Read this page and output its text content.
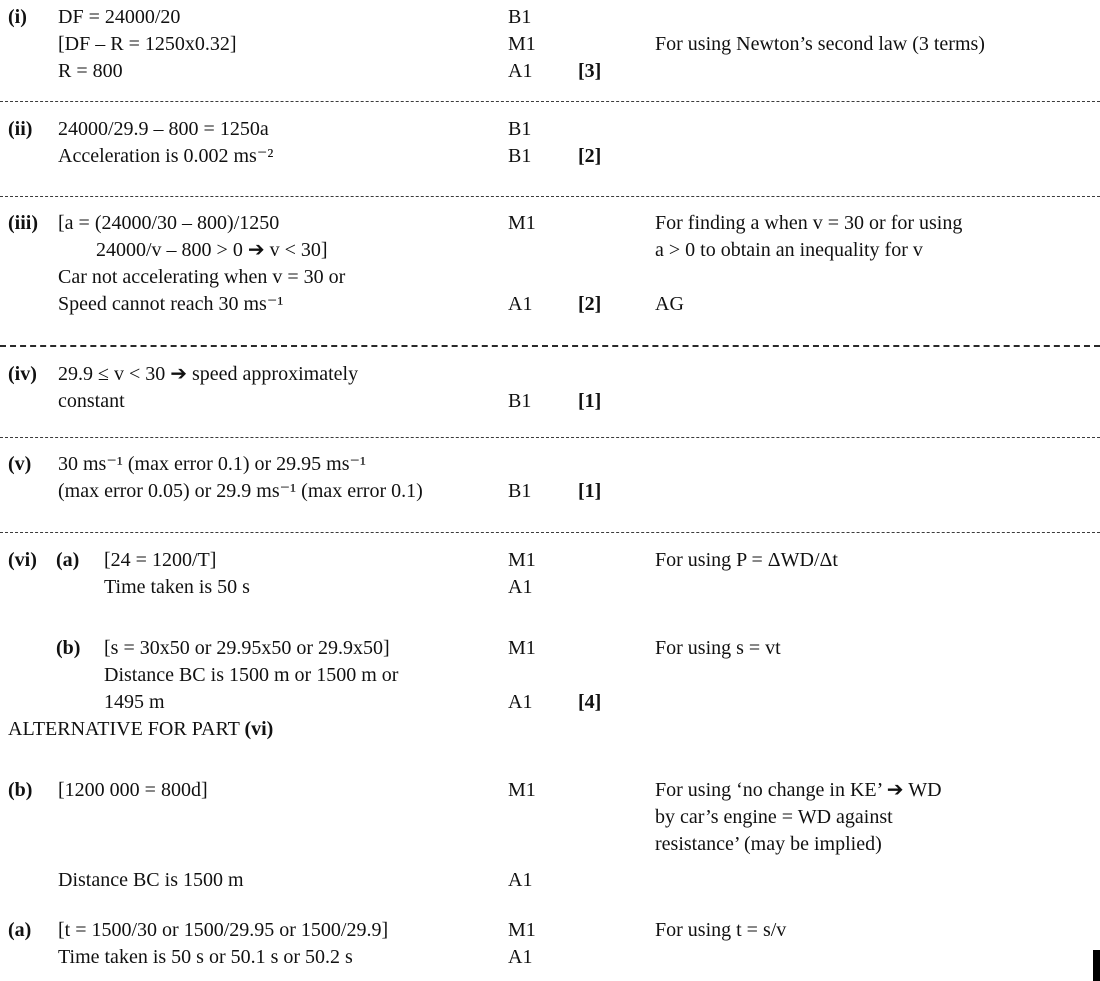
(i) DF = 24000/20	B1
[DF – R = 1250x0.32]	M1	For using Newton’s second law (3 terms)
R = 800	A1	[3]
(ii) 24000/29.9 – 800 = 1250a	B1
Acceleration is 0.002 ms⁻²	B1	[2]
(iii) [a = (24000/30 – 800)/1250	M1	For finding a when v = 30 or for using
24000/v – 800 > 0 ➔ v < 30]	a > 0 to obtain an inequality for v
Car not accelerating when v = 30 or
Speed cannot reach 30 ms⁻¹	A1	[2]	AG
(iv) 29.9 ≤ v < 30 ➔ speed approximately
constant	B1	[1]
(v) 30 ms⁻¹ (max error 0.1) or 29.95 ms⁻¹
(max error 0.05) or 29.9 ms⁻¹ (max error 0.1)	B1	[1]
(vi) (a) [24 = 1200/T]	M1	For using P = ΔWD/Δt
Time taken is 50 s	A1
(b) [s = 30x50 or 29.95x50 or 29.9x50]	M1	For using s = vt
Distance BC is 1500 m or 1500 m or
1495 m	A1	[4]
ALTERNATIVE FOR PART (vi)
(b) [1200 000 = 800d]	M1	For using ‘no change in KE’ ➔ WD
by car’s engine = WD against
resistance’ (may be implied)
Distance BC is 1500 m	A1
(a) [t = 1500/30 or 1500/29.95 or 1500/29.9]	M1	For using t = s/v
Time taken is 50 s or 50.1 s or 50.2 s	A1
